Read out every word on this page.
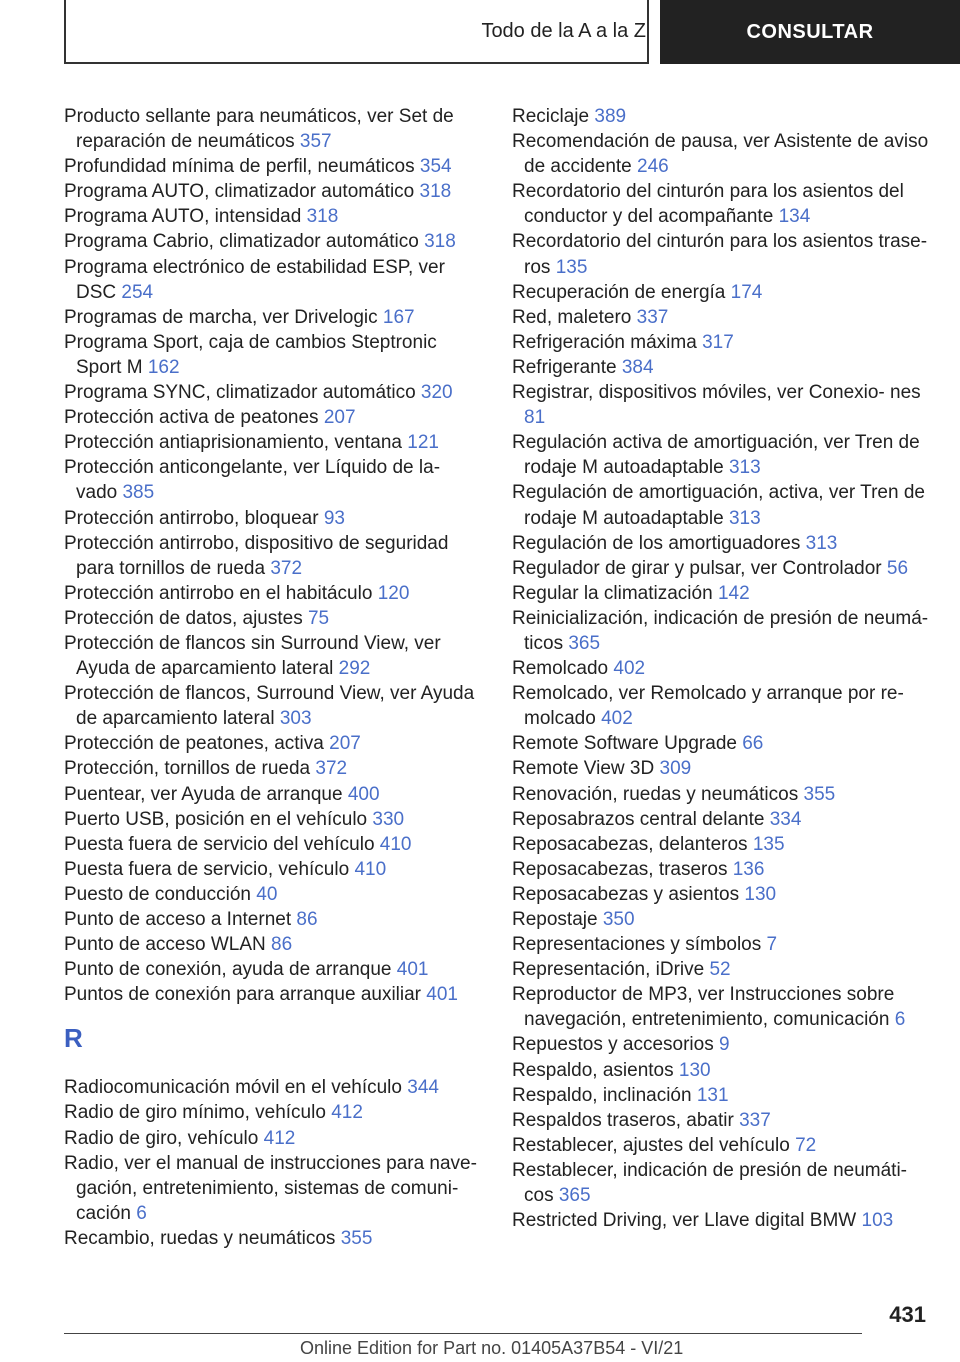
Todo de la A a la Z	CONSULTAR
Producto sellante para neumáticos, ver Set de reparación de neumáticos 357
Profundidad mínima de perfil, neumáticos 354
Programa AUTO, climatizador automático 318
Programa AUTO, intensidad 318
Programa Cabrio, climatizador automático 318
Programa electrónico de estabilidad ESP, ver DSC 254
Programas de marcha, ver Drivelogic 167
Programa Sport, caja de cambios Steptronic Sport M 162
Programa SYNC, climatizador automático 320
Protección activa de peatones 207
Protección antiaprisionamiento, ventana 121
Protección anticongelante, ver Líquido de la- vado 385
Protección antirrobo, bloquear 93
Protección antirrobo, dispositivo de seguridad para tornillos de rueda 372
Protección antirrobo en el habitáculo 120
Protección de datos, ajustes 75
Protección de flancos sin Surround View, ver Ayuda de aparcamiento lateral 292
Protección de flancos, Surround View, ver Ayuda de aparcamiento lateral 303
Protección de peatones, activa 207
Protección, tornillos de rueda 372
Puentear, ver Ayuda de arranque 400
Puerto USB, posición en el vehículo 330
Puesta fuera de servicio del vehículo 410
Puesta fuera de servicio, vehículo 410
Puesto de conducción 40
Punto de acceso a Internet 86
Punto de acceso WLAN 86
Punto de conexión, ayuda de arranque 401
Puntos de conexión para arranque auxiliar 401
R
Radiocomunicación móvil en el vehículo 344
Radio de giro mínimo, vehículo 412
Radio de giro, vehículo 412
Radio, ver el manual de instrucciones para nave- gación, entretenimiento, sistemas de comuni- cación 6
Recambio, ruedas y neumáticos 355
Reciclaje 389
Recomendación de pausa, ver Asistente de aviso de accidente 246
Recordatorio del cinturón para los asientos del conductor y del acompañante 134
Recordatorio del cinturón para los asientos trase- ros 135
Recuperación de energía 174
Red, maletero 337
Refrigeración máxima 317
Refrigerante 384
Registrar, dispositivos móviles, ver Conexio- nes 81
Regulación activa de amortiguación, ver Tren de rodaje M autoadaptable 313
Regulación de amortiguación, activa, ver Tren de rodaje M autoadaptable 313
Regulación de los amortiguadores 313
Regulador de girar y pulsar, ver Controlador 56
Regular la climatización 142
Reinicialización, indicación de presión de neumá- ticos 365
Remolcado 402
Remolcado, ver Remolcado y arranque por re- molcado 402
Remote Software Upgrade 66
Remote View 3D 309
Renovación, ruedas y neumáticos 355
Reposabrazos central delante 334
Reposacabezas, delanteros 135
Reposacabezas, traseros 136
Reposacabezas y asientos 130
Repostaje 350
Representaciones y símbolos 7
Representación, iDrive 52
Reproductor de MP3, ver Instrucciones sobre navegación, entretenimiento, comunicación 6
Repuestos y accesorios 9
Respaldo, asientos 130
Respaldo, inclinación 131
Respaldos traseros, abatir 337
Restablecer, ajustes del vehículo 72
Restablecer, indicación de presión de neumáti- cos 365
Restricted Driving, ver Llave digital BMW 103
431
Online Edition for Part no. 01405A37B54 - VI/21
